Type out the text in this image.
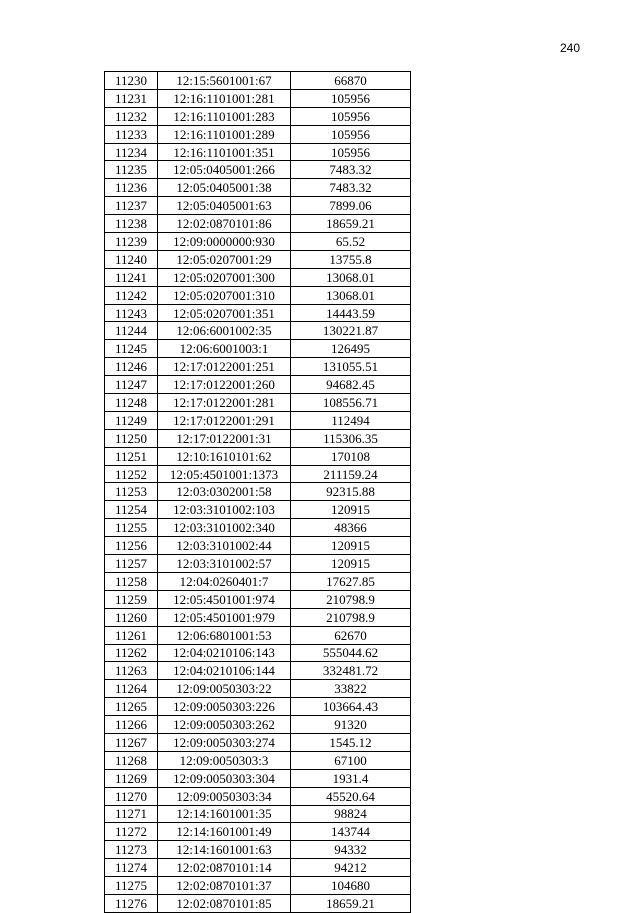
240
11230	12:15:5601001:67	66870
11231	12:16:1101001:281	105956
11232	12:16:1101001:283	105956
11233	12:16:1101001:289	105956
11234	12:16:1101001:351	105956
11235	12:05:0405001:266	7483.32
11236	12:05:0405001:38	7483.32
11237	12:05:0405001:63	7899.06
11238	12:02:0870101:86	18659.21
11239	12:09:0000000:930	65.52
11240	12:05:0207001:29	13755.8
11241	12:05:0207001:300	13068.01
11242	12:05:0207001:310	13068.01
11243	12:05:0207001:351	14443.59
11244	12:06:6001002:35	130221.87
11245	12:06:6001003:1	126495
11246	12:17:0122001:251	131055.51
11247	12:17:0122001:260	94682.45
11248	12:17:0122001:281	108556.71
11249	12:17:0122001:291	112494
11250	12:17:0122001:31	115306.35
11251	12:10:1610101:62	170108
11252	12:05:4501001:1373	211159.24
11253	12:03:0302001:58	92315.88
11254	12:03:3101002:103	120915
11255	12:03:3101002:340	48366
11256	12:03:3101002:44	120915
11257	12:03:3101002:57	120915
11258	12:04:0260401:7	17627.85
11259	12:05:4501001:974	210798.9
11260	12:05:4501001:979	210798.9
11261	12:06:6801001:53	62670
11262	12:04:0210106:143	555044.62
11263	12:04:0210106:144	332481.72
11264	12:09:0050303:22	33822
11265	12:09:0050303:226	103664.43
11266	12:09:0050303:262	91320
11267	12:09:0050303:274	1545.12
11268	12:09:0050303:3	67100
11269	12:09:0050303:304	1931.4
11270	12:09:0050303:34	45520.64
11271	12:14:1601001:35	98824
11272	12:14:1601001:49	143744
11273	12:14:1601001:63	94332
11274	12:02:0870101:14	94212
11275	12:02:0870101:37	104680
11276	12:02:0870101:85	18659.21
